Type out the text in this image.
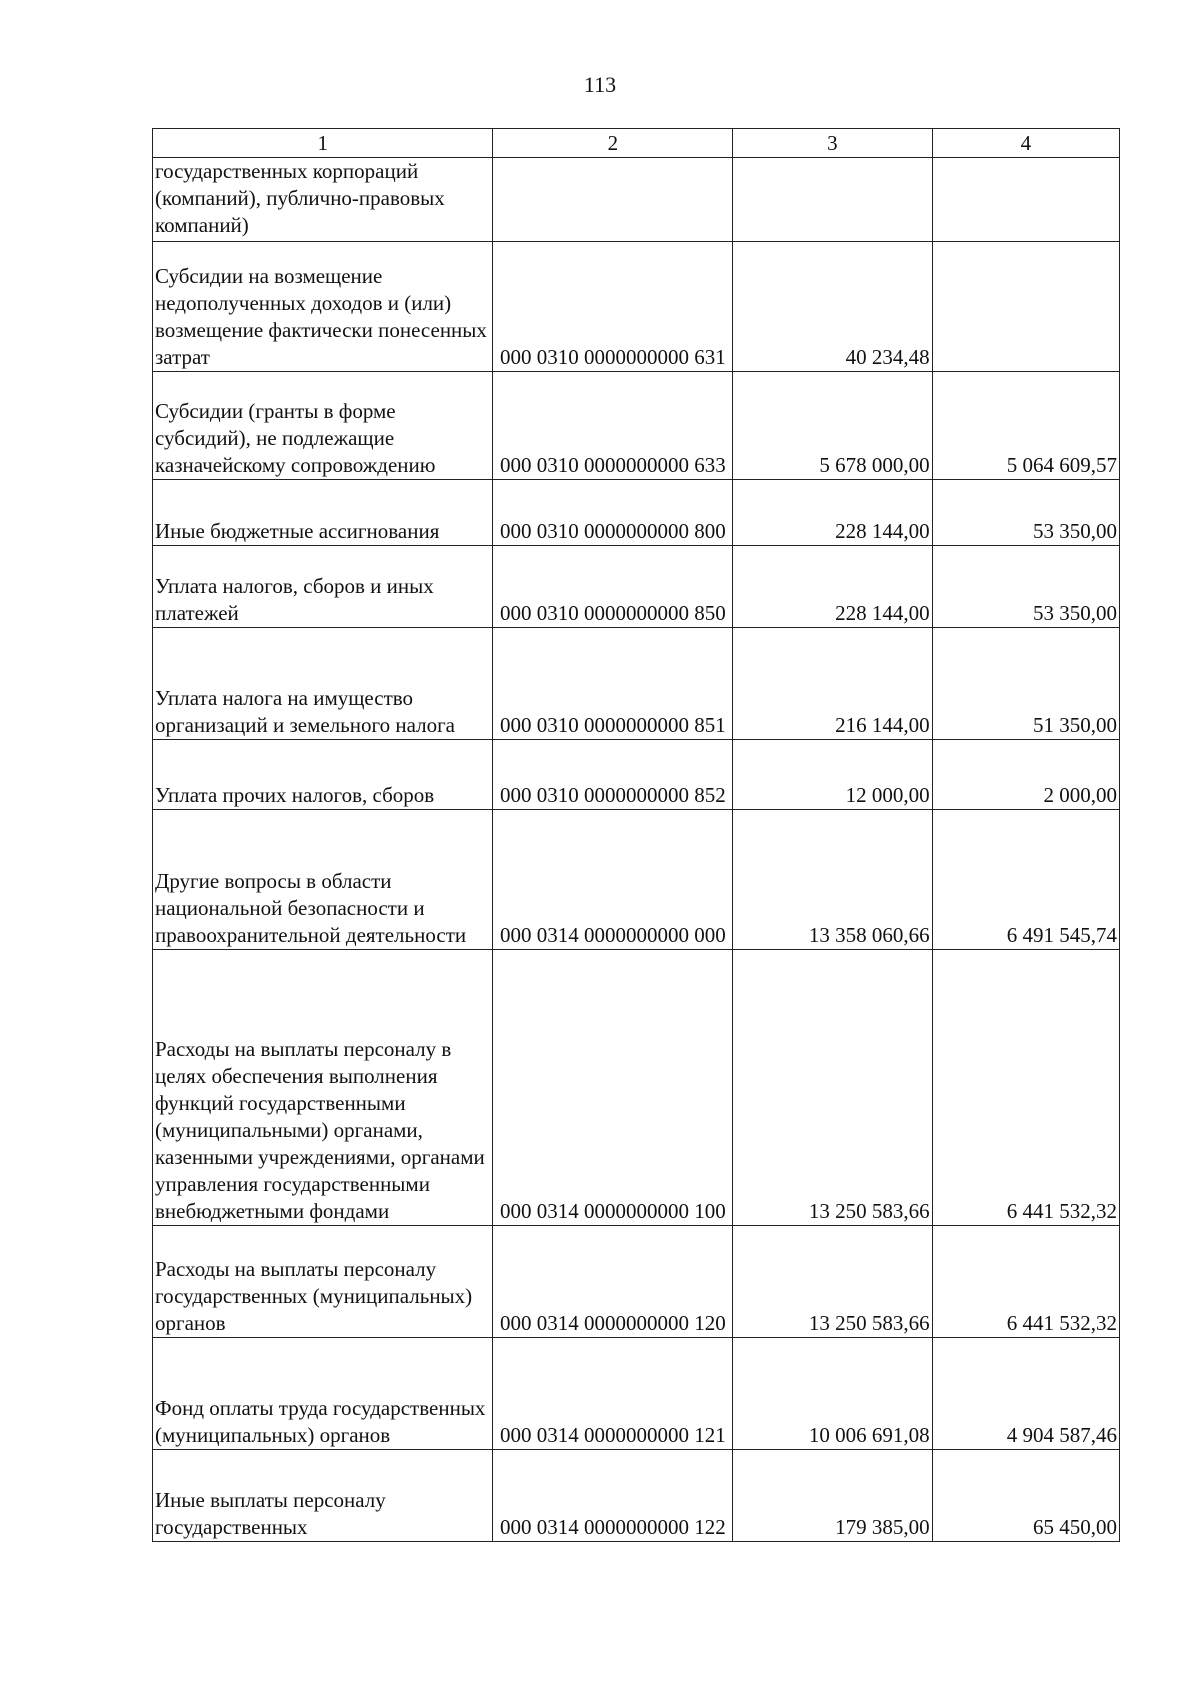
113
1	2	3	4
государственных корпораций (компаний), публично-правовых компаний)			
Субсидии на возмещение недополученных доходов и (или) возмещение фактически понесенных затрат	000 0310 0000000000 631	40 234,48	
Субсидии (гранты в форме субсидий), не подлежащие казначейскому сопровождению	000 0310 0000000000 633	5 678 000,00	5 064 609,57
Иные бюджетные ассигнования	000 0310 0000000000 800	228 144,00	53 350,00
Уплата налогов, сборов и иных платежей	000 0310 0000000000 850	228 144,00	53 350,00
Уплата налога на имущество организаций и земельного налога	000 0310 0000000000 851	216 144,00	51 350,00
Уплата прочих налогов, сборов	000 0310 0000000000 852	12 000,00	2 000,00
Другие вопросы в области национальной безопасности и правоохранительной деятельности	000 0314 0000000000 000	13 358 060,66	6 491 545,74
Расходы на выплаты персоналу в целях обеспечения выполнения функций государственными (муниципальными) органами, казенными учреждениями, органами управления государственными внебюджетными фондами	000 0314 0000000000 100	13 250 583,66	6 441 532,32
Расходы на выплаты персоналу государственных (муниципальных) органов	000 0314 0000000000 120	13 250 583,66	6 441 532,32
Фонд оплаты труда государственных (муниципальных) органов	000 0314 0000000000 121	10 006 691,08	4 904 587,46
Иные выплаты персоналу государственных	000 0314 0000000000 122	179 385,00	65 450,00
